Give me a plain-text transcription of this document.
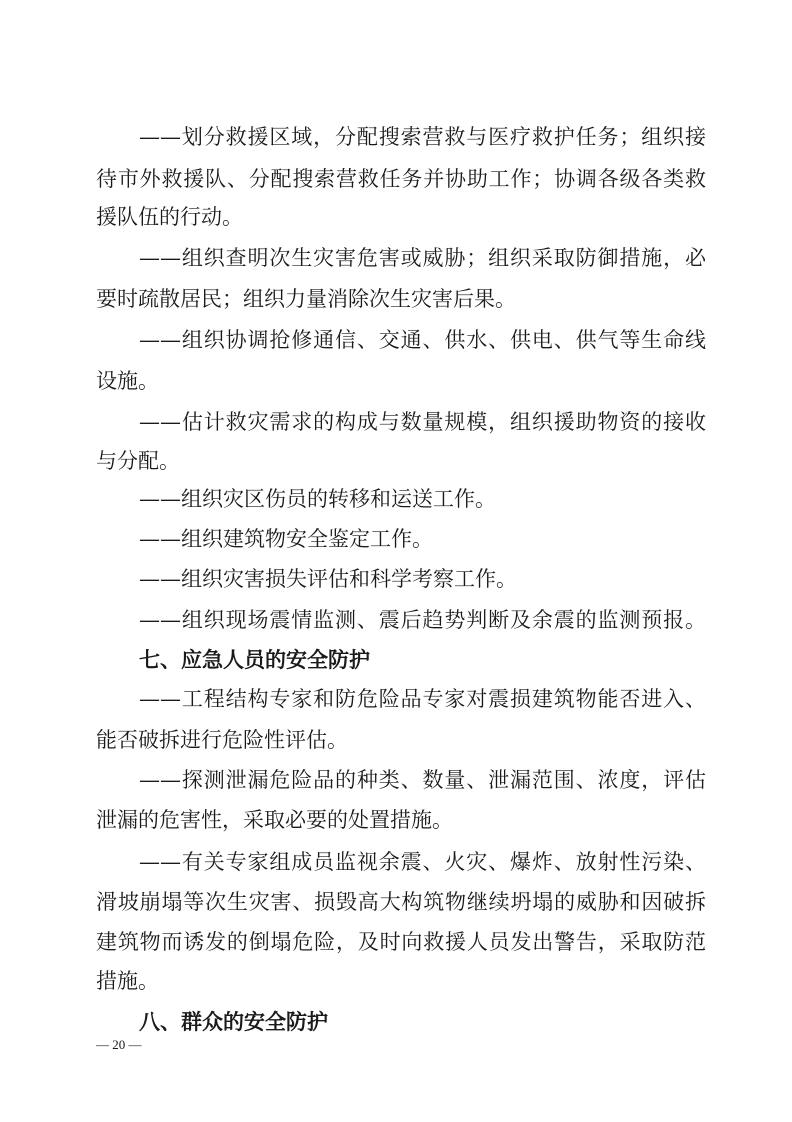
——划分救援区域，分配搜索营救与医疗救护任务；组织接
待市外救援队、分配搜索营救任务并协助工作；协调各级各类救
援队伍的行动。
——组织查明次生灾害危害或威胁；组织采取防御措施，必
要时疏散居民；组织力量消除次生灾害后果。
——组织协调抢修通信、交通、供水、供电、供气等生命线
设施。
——估计救灾需求的构成与数量规模，组织援助物资的接收
与分配。
——组织灾区伤员的转移和运送工作。
——组织建筑物安全鉴定工作。
——组织灾害损失评估和科学考察工作。
——组织现场震情监测、震后趋势判断及余震的监测预报。
七、应急人员的安全防护
——工程结构专家和防危险品专家对震损建筑物能否进入、
能否破拆进行危险性评估。
——探测泄漏危险品的种类、数量、泄漏范围、浓度，评估
泄漏的危害性，采取必要的处置措施。
——有关专家组成员监视余震、火灾、爆炸、放射性污染、
滑坡崩塌等次生灾害、损毁高大构筑物继续坍塌的威胁和因破拆
建筑物而诱发的倒塌危险，及时向救援人员发出警告，采取防范
措施。
八、群众的安全防护
— 20 —
